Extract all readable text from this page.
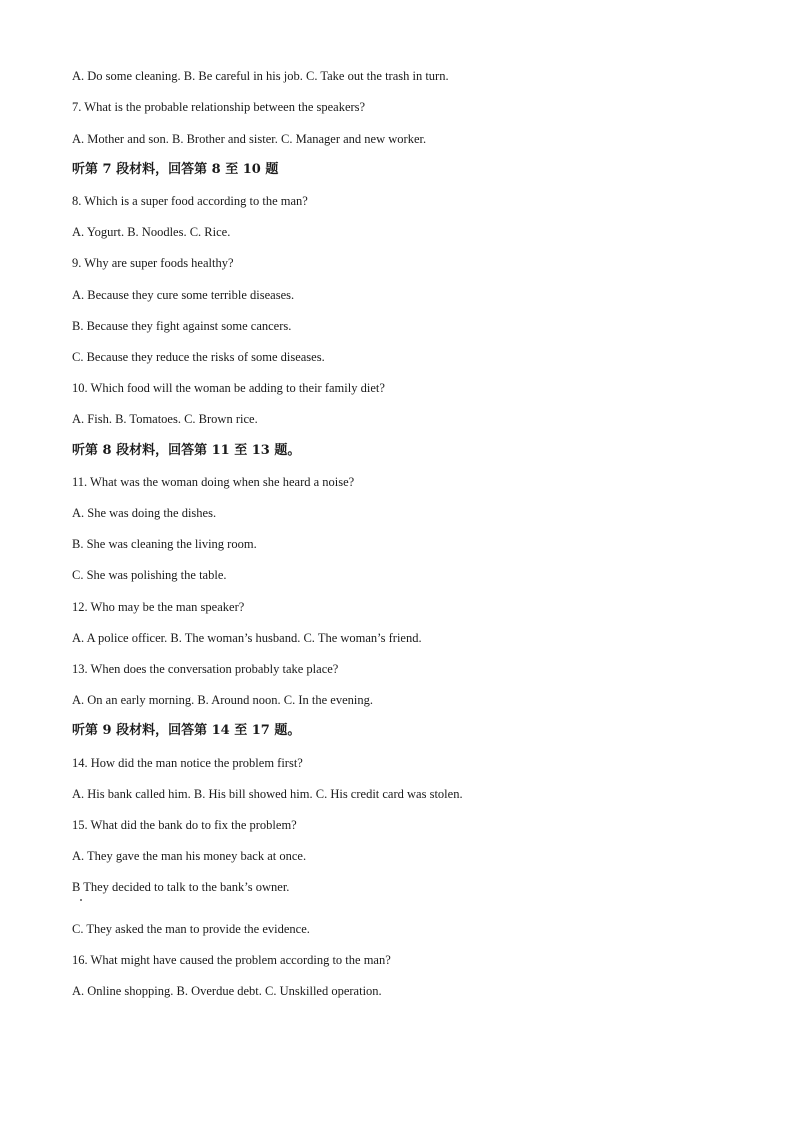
A. Do some cleaning. B. Be careful in his job. C. Take out the trash in turn.
7. What is the probable relationship between the speakers?
A. Mother and son. B. Brother and sister. C. Manager and new worker.
听第 7 段材料，回答第 8 至 10 题
8. Which is a super food according to the man?
A. Yogurt. B. Noodles. C. Rice.
9. Why are super foods healthy?
A. Because they cure some terrible diseases.
B. Because they fight against some cancers.
C. Because they reduce the risks of some diseases.
10. Which food will the woman be adding to their family diet?
A. Fish. B. Tomatoes. C. Brown rice.
听第 8 段材料，回答第 11 至 13 题。
11. What was the woman doing when she heard a noise?
A. She was doing the dishes.
B. She was cleaning the living room.
C. She was polishing the table.
12. Who may be the man speaker?
A. A police officer. B. The woman’s husband. C. The woman’s friend.
13. When does the conversation probably take place?
A. On an early morning. B. Around noon. C. In the evening.
听第 9 段材料，回答第 14 至 17 题。
14. How did the man notice the problem first?
A. His bank called him. B. His bill showed him. C. His credit card was stolen.
15. What did the bank do to fix the problem?
A. They gave the man his money back at once.
B They decided to talk to the bank’s owner.
C. They asked the man to provide the evidence.
16. What might have caused the problem according to the man?
A. Online shopping. B. Overdue debt. C. Unskilled operation.
